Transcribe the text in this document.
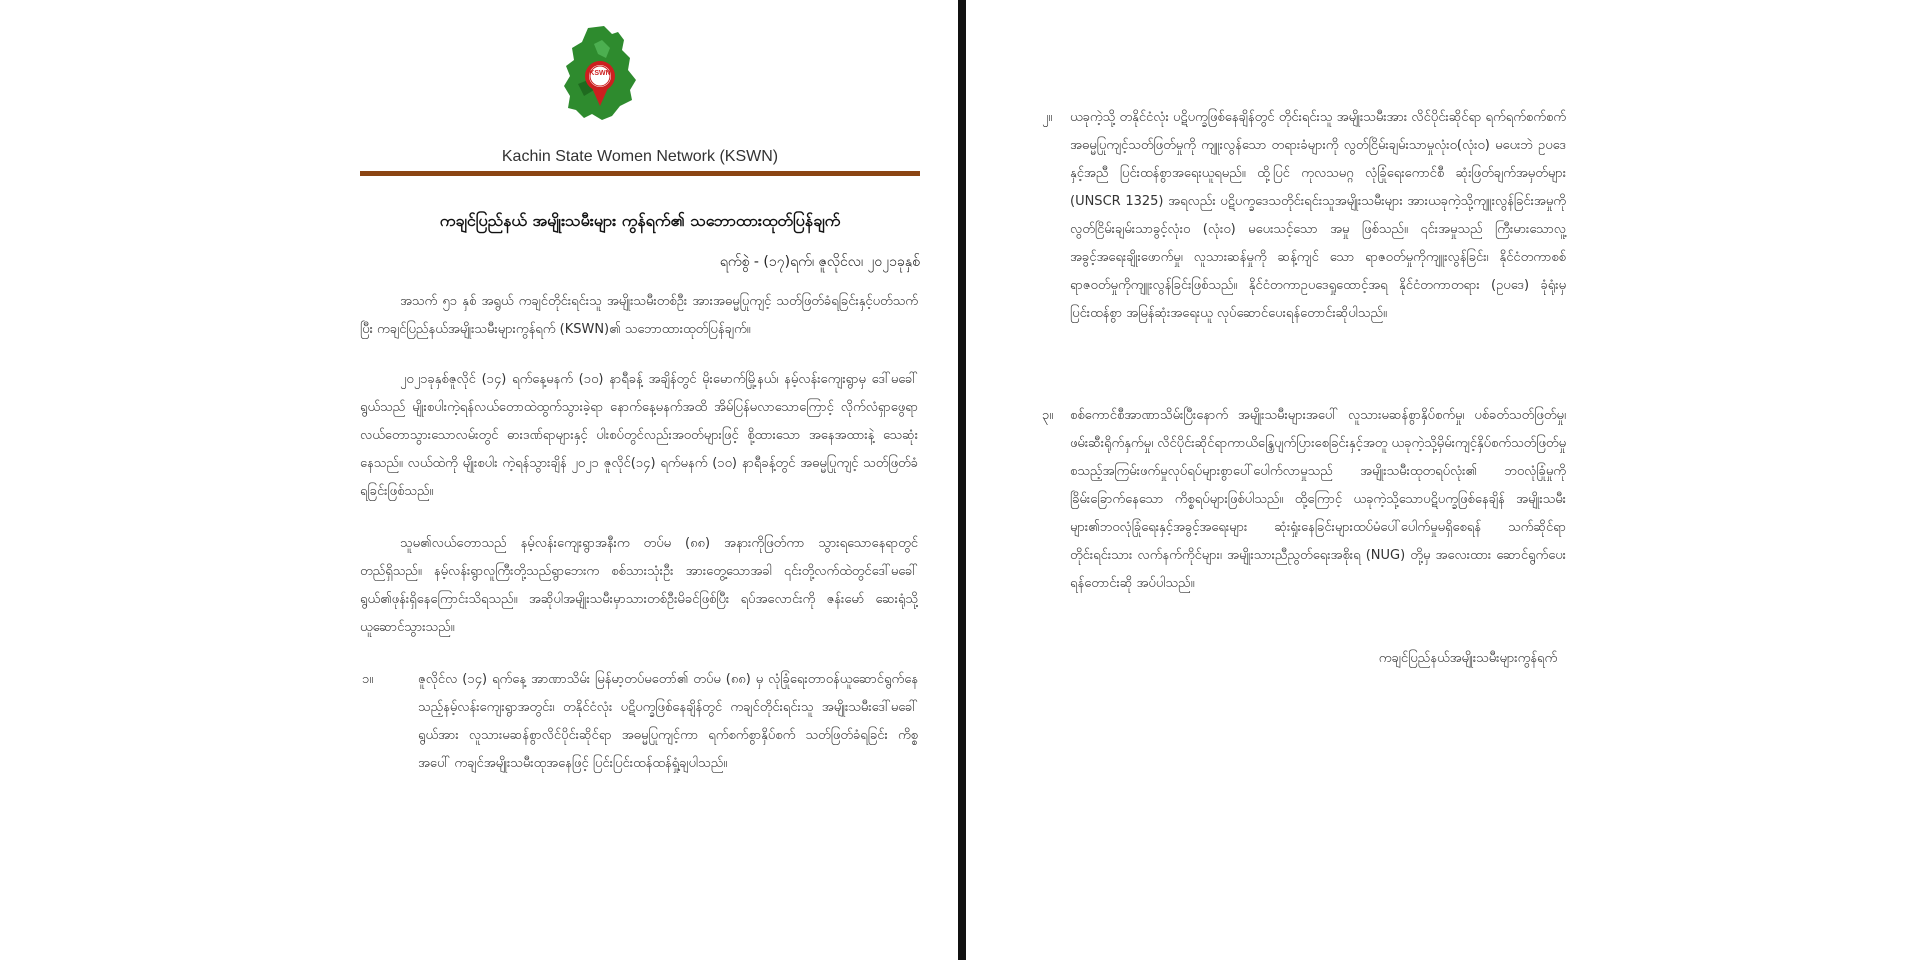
KSWN
Kachin State Women Network (KSWN)
ကချင်ပြည်နယ် အမျိုးသမီးများ ကွန်ရက်၏ သဘောထားထုတ်ပြန်ချက်
ရက်စွဲ - (၁၇)ရက်၊ ဇူလိုင်လ၊ ၂၀၂၁ခုနှစ်
အသက် ၅၁ နှစ် အရွယ် ကချင်တိုင်းရင်းသူ အမျိုးသမီးတစ်ဦး အားအဓမ္မပြုကျင့် သတ်ဖြတ်ခံရခြင်းနှင့်ပတ်သက်ပြီး ကချင်ပြည်နယ်အမျိုးသမီးများကွန်ရက် (KSWN)၏ သဘောထားထုတ်ပြန်ချက်။
၂၀၂၁ခုနှစ်ဇူလိုင် (၁၄) ရက်နေ့မနက် (၁၀) နာရီခန့် အချိန်တွင် မိုးမောက်မြို့နယ်၊ နမ့်လန်းကျေးရွာမှ ဒေါ်မခေါ်ရွယ်သည် မျိုးစပါးကဲ့ရန်လယ်တောထဲထွက်သွားခဲ့ရာ နောက်နေ့မနက်အထိ အိမ်ပြန်မလာသောကြောင့် လိုက်လံရှာဖွေရာ လယ်တောသွားသောလမ်းတွင် ဓားဒဏ်ရာများနှင့် ပါးစပ်တွင်လည်းအဝတ်များဖြင့် စို့ထားသော အနေအထားနဲ့ သေဆုံးနေသည်။ လယ်ထဲကို မျိုးစပါး ကဲ့ရန်သွားချိန် ၂၀၂၁ ဇူလိုင်(၁၄) ရက်မနက် (၁၀) နာရီခန့်တွင် အဓမ္မပြုကျင့် သတ်ဖြတ်ခံရခြင်းဖြစ်သည်။
သူမ၏လယ်တောသည် နမ့်လန်းကျေးရွာအနီးက တပ်မ (၈၈) အနားကိုဖြတ်ကာ သွားရသောနေရာတွင်တည်ရှိသည်။ နမ့်လန်းရွာလူကြီးတို့သည်ရွာဘေးက စစ်သားသုံးဦး အားတွေ့သောအခါ ၎င်းတို့လက်ထဲတွင်ဒေါ်မခေါ်ရွယ်၏ဖုန်းရှိနေကြောင်းသိရသည်။ အဆိုပါအမျိုးသမီးမှာသားတစ်ဦးမိခင်ဖြစ်ပြီး ရပ်အလောင်းကို ဇန်းမော် ဆေးရုံသို့ ယူဆောင်သွားသည်။
၁။	ဇူလိုင်လ (၁၄) ရက်နေ့ အာဏာသိမ်း မြန်မာ့တပ်မတော်၏ တပ်မ (၈၈) မှ လုံခြုံရေးတာဝန်ယူဆောင်ရွက်နေသည့်နမ့်လန်းကျေးရွာအတွင်း၊ တနိုင်ငံလုံး ပဋိပက္ခဖြစ်နေချိန်တွင် ကချင်တိုင်းရင်းသူ အမျိုးသမီးဒေါ်မခေါ်ရွယ်အား လူသားမဆန်စွာလိင်ပိုင်းဆိုင်ရာ အဓမ္မပြုကျင့်ကာ ရက်စက်စွာနှိပ်စက် သတ်ဖြတ်ခံရခြင်း ကိစ္စအပေါ် ကချင်အမျိုးသမီးထုအနေဖြင့် ပြင်းပြင်းထန်ထန်ရှုံ့ချပါသည်။
၂။ ယခုကဲ့သို့ တနိုင်ငံလုံး ပဋိပက္ခဖြစ်နေချိန်တွင် တိုင်းရင်းသူ အမျိုးသမီးအား လိင်ပိုင်းဆိုင်ရာ ရက်ရက်စက်စက် အဓမ္မပြုကျင့်သတ်ဖြတ်မှုကို ကျူးလွန်သော တရားခံများကို လွတ်ငြိမ်းချမ်းသာမှုလုံး၀(လုံး၀) မပေးဘဲ ဥပဒေနှင့်အညီ ပြင်းထန်စွာအရေးယူရမည်။ ထို့ပြင် ကုလသမဂ္ဂ လုံခြုံရေးကောင်စီ ဆုံးဖြတ်ချက်အမှတ်များ (UNSCR 1325) အရလည်း ပဋိပက္ခဒေသတိုင်းရင်းသူအမျိုးသမီးများ အားယခုကဲ့သို့ကျူးလွန်ခြင်းအမှုကို လွတ်ငြိမ်းချမ်းသာခွင့်လုံး၀ (လုံး၀) မပေးသင့်သော အမှု ဖြစ်သည်။ ၎င်းအမှုသည် ကြီးမားသောလူ့အခွင့်အရေးချိုးဖောက်မှု၊ လူသားဆန်မှုကို ဆန့်ကျင် သော ရာဇ၀တ်မှုကိုကျူးလွန်ခြင်း၊ နိုင်ငံတကာစစ်ရာဇ၀တ်မှုကိုကျူးလွန်ခြင်းဖြစ်သည်။ နိုင်ငံတကာဥပဒေရှုထောင့်အရ နိုင်ငံတကာတရား (ဥပဒေ) ခုံရုံးမှ ပြင်းထန်စွာ အမြန်ဆုံးအရေးယူ လုပ်ဆောင်ပေးရန်တောင်းဆိုပါသည်။
၃။ စစ်ကောင်စီအာဏာသိမ်းပြီးနောက် အမျိုးသမီးများအပေါ် လူသားမဆန်စွာနှိပ်စက်မှု၊ ပစ်ခတ်သတ်ဖြတ်မှု၊ ဖမ်းဆီးရိုက်နှက်မှု၊ လိင်ပိုင်းဆိုင်ရာကာယိန္ဒြေပျက်ပြားစေခြင်းနှင့်အတူ ယခုကဲ့သို့မှိမ်းကျင့်နှိပ်စက်သတ်ဖြတ်မှုစသည့်အကြမ်းဖက်မှုလုပ်ရပ်များစွာပေါ်ပေါက်လာမှုသည် အမျိုးသမီးထုတရပ်လုံး၏ ဘဝလုံခြုံမှုကို ခြိမ်းခြောက်နေသော ကိစ္စရပ်များဖြစ်ပါသည်။ ထို့ကြောင့် ယခုကဲ့သို့သောပဋိပက္ခဖြစ်နေချိန် အမျိုးသမီးများ၏ဘဝလုံခြုံရေးနှင့်အခွင့်အရေးများ ဆုံးရှုံးနေခြင်းများထပ်မံပေါ်ပေါက်မှုမရှိစေရန် သက်ဆိုင်ရာ တိုင်းရင်းသား လက်နက်ကိုင်များ၊ အမျိုးသားညီညွတ်ရေးအစိုးရ (NUG) တို့မှ အလေးထား ဆောင်ရွက်ပေးရန်တောင်းဆို အပ်ပါသည်။
ကချင်ပြည်နယ်အမျိုးသမီးများကွန်ရက်
